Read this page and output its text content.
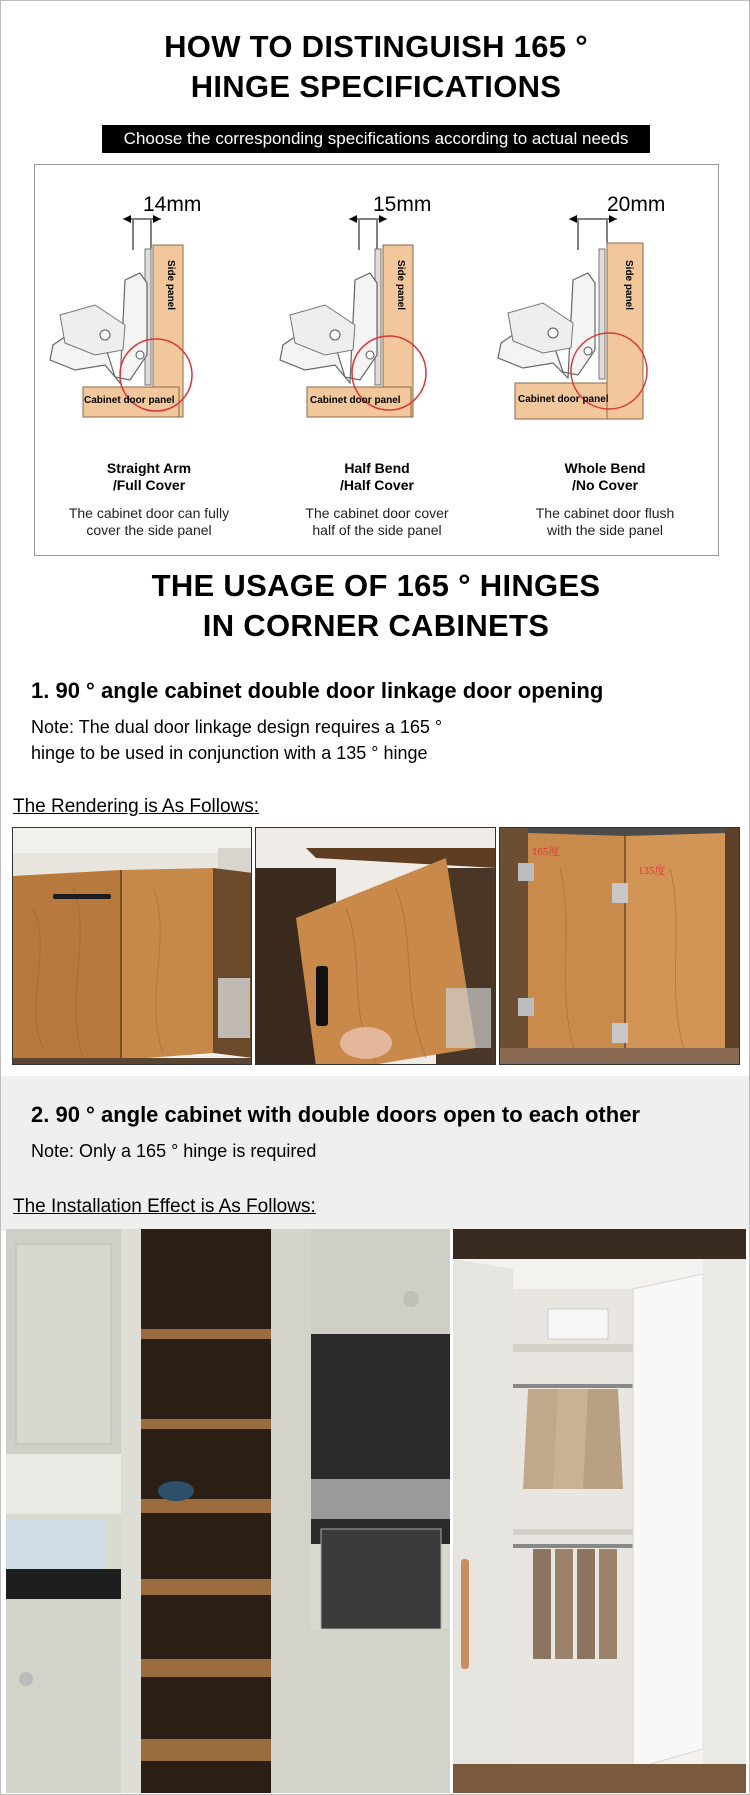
HOW TO DISTINGUISH 165 °
HINGE SPECIFICATIONS
Choose the corresponding specifications according to actual needs
14mm
Side panel
Cabinet door panel
Straight Arm
/Full Cover
The cabinet door can fully
cover the side panel
15mm
Side panel
Cabinet door panel
Half Bend
/Half Cover
The cabinet door cover
half of the side panel
20mm
Side panel
Cabinet door panel
Whole Bend
/No Cover
The cabinet door flush
with the side panel
THE USAGE OF 165 ° HINGES
IN CORNER CABINETS
1. 90 ° angle cabinet double door linkage door opening
Note: The dual door linkage design requires a 165 °
hinge to be used in conjunction with a 135 ° hinge
The Rendering is As Follows:
165度
135度
2. 90 ° angle cabinet with double doors open to each other
Note: Only a 165 ° hinge is required
The Installation Effect is As Follows:
